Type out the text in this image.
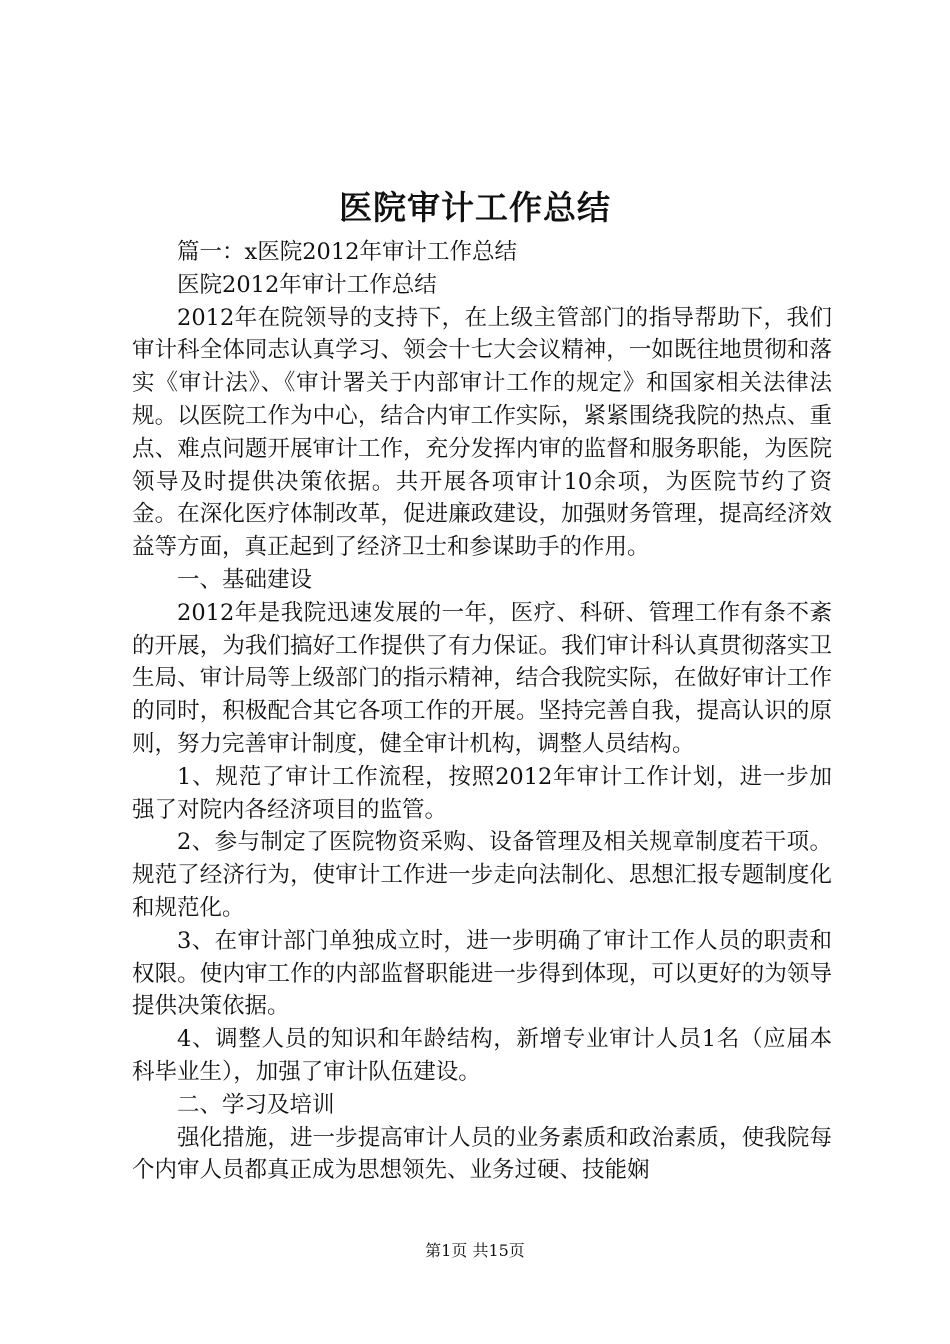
医院审计工作总结

篇一：x医院2012年审计工作总结

医院2012年审计工作总结

2012年在院领导的支持下，在上级主管部门的指导帮助下，我们审计科全体同志认真学习、领会十七大会议精神，一如既往地贯彻和落实《审计法》、《审计署关于内部审计工作的规定》和国家相关法律法规。以医院工作为中心，结合内审工作实际，紧紧围绕我院的热点、重点、难点问题开展审计工作，充分发挥内审的监督和服务职能，为医院领导及时提供决策依据。共开展各项审计10余项，为医院节约了资金。在深化医疗体制改革，促进廉政建设，加强财务管理，提高经济效益等方面，真正起到了经济卫士和参谋助手的作用。

一、基础建设

2012年是我院迅速发展的一年，医疗、科研、管理工作有条不紊的开展，为我们搞好工作提供了有力保证。我们审计科认真贯彻落实卫生局、审计局等上级部门的指示精神，结合我院实际，在做好审计工作的同时，积极配合其它各项工作的开展。坚持完善自我，提高认识的原则，努力完善审计制度，健全审计机构，调整人员结构。

1、规范了审计工作流程，按照2012年审计工作计划，进一步加强了对院内各经济项目的监管。

2、参与制定了医院物资采购、设备管理及相关规章制度若干项。规范了经济行为，使审计工作进一步走向法制化、思想汇报专题制度化和规范化。

3、在审计部门单独成立时，进一步明确了审计工作人员的职责和权限。使内审工作的内部监督职能进一步得到体现，可以更好的为领导提供决策依据。

4、调整人员的知识和年龄结构，新增专业审计人员1名（应届本科毕业生），加强了审计队伍建设。

二、学习及培训

强化措施，进一步提高审计人员的业务素质和政治素质，使我院每个内审人员都真正成为思想领先、业务过硬、技能娴

第1页 共15页
